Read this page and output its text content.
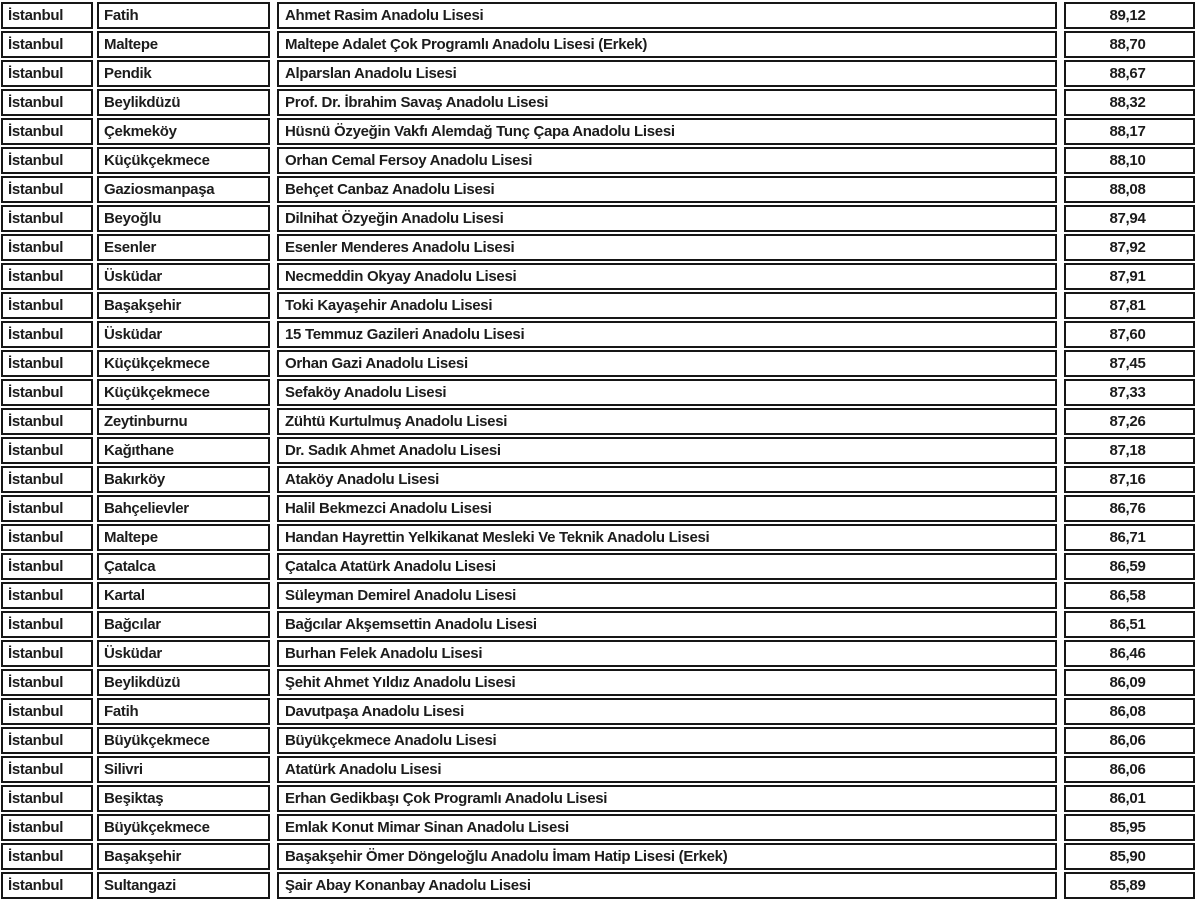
İstanbul	Fatih	Ahmet Rasim Anadolu Lisesi	89,12
İstanbul	Maltepe	Maltepe Adalet Çok Programlı Anadolu Lisesi (Erkek)	88,70
İstanbul	Pendik	Alparslan Anadolu Lisesi	88,67
İstanbul	Beylikdüzü	Prof. Dr. İbrahim Savaş Anadolu Lisesi	88,32
İstanbul	Çekmeköy	Hüsnü Özyeğin Vakfı Alemdağ Tunç Çapa Anadolu Lisesi	88,17
İstanbul	Küçükçekmece	Orhan Cemal Fersoy Anadolu Lisesi	88,10
İstanbul	Gaziosmanpaşa	Behçet Canbaz Anadolu Lisesi	88,08
İstanbul	Beyoğlu	Dilnihat Özyeğin Anadolu Lisesi	87,94
İstanbul	Esenler	Esenler Menderes Anadolu Lisesi	87,92
İstanbul	Üsküdar	Necmeddin Okyay Anadolu Lisesi	87,91
İstanbul	Başakşehir	Toki Kayaşehir Anadolu Lisesi	87,81
İstanbul	Üsküdar	15 Temmuz Gazileri Anadolu Lisesi	87,60
İstanbul	Küçükçekmece	Orhan Gazi Anadolu Lisesi	87,45
İstanbul	Küçükçekmece	Sefaköy Anadolu Lisesi	87,33
İstanbul	Zeytinburnu	Zühtü Kurtulmuş Anadolu Lisesi	87,26
İstanbul	Kağıthane	Dr. Sadık Ahmet Anadolu Lisesi	87,18
İstanbul	Bakırköy	Ataköy Anadolu Lisesi	87,16
İstanbul	Bahçelievler	Halil Bekmezci Anadolu Lisesi	86,76
İstanbul	Maltepe	Handan Hayrettin Yelkikanat Mesleki Ve Teknik Anadolu Lisesi	86,71
İstanbul	Çatalca	Çatalca Atatürk Anadolu Lisesi	86,59
İstanbul	Kartal	Süleyman Demirel Anadolu Lisesi	86,58
İstanbul	Bağcılar	Bağcılar Akşemsettin Anadolu Lisesi	86,51
İstanbul	Üsküdar	Burhan Felek Anadolu Lisesi	86,46
İstanbul	Beylikdüzü	Şehit Ahmet Yıldız Anadolu Lisesi	86,09
İstanbul	Fatih	Davutpaşa Anadolu Lisesi	86,08
İstanbul	Büyükçekmece	Büyükçekmece Anadolu Lisesi	86,06
İstanbul	Silivri	Atatürk Anadolu Lisesi	86,06
İstanbul	Beşiktaş	Erhan Gedikbaşı Çok Programlı Anadolu Lisesi	86,01
İstanbul	Büyükçekmece	Emlak Konut Mimar Sinan Anadolu Lisesi	85,95
İstanbul	Başakşehir	Başakşehir Ömer Döngeloğlu Anadolu İmam Hatip Lisesi (Erkek)	85,90
İstanbul	Sultangazi	Şair Abay Konanbay Anadolu Lisesi	85,89
